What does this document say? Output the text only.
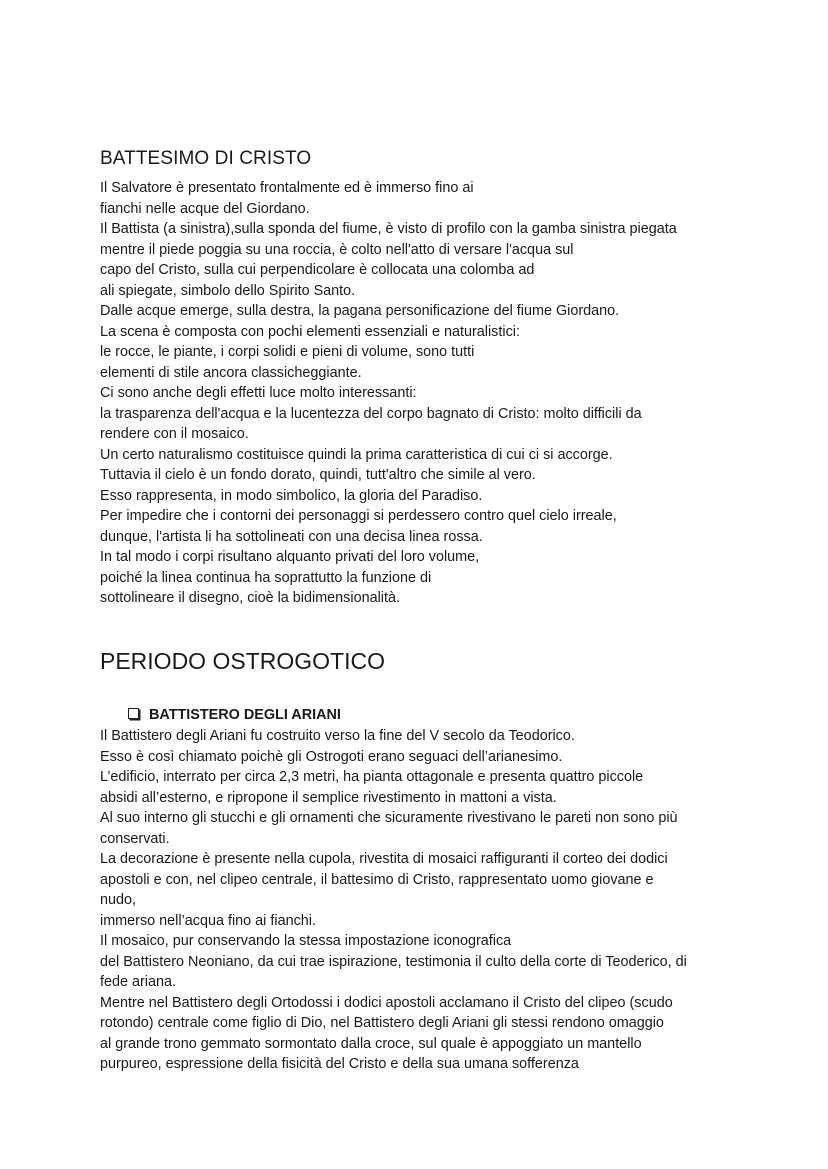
BATTESIMO DI CRISTO
Il Salvatore è presentato frontalmente ed è immerso fino ai
fianchi nelle acque del Giordano.
Il Battista (a sinistra),sulla sponda del fiume, è visto di profilo con la gamba sinistra piegata
mentre il piede poggia su una roccia, è colto nell'atto di versare l'acqua sul
capo del Cristo, sulla cui perpendicolare è collocata una colomba ad
ali spiegate, simbolo dello Spirito Santo.
Dalle acque emerge, sulla destra, la pagana personificazione del fiume Giordano.
La scena è composta con pochi elementi essenziali e naturalistici:
le rocce, le piante, i corpi solidi e pieni di volume, sono tutti
elementi di stile ancora classicheggiante.
Ci sono anche degli effetti luce molto interessanti:
la trasparenza dell'acqua e la lucentezza del corpo bagnato di Cristo: molto difficili da
rendere con il mosaico.
Un certo naturalismo costituisce quindi la prima caratteristica di cui ci si accorge.
Tuttavia il cielo è un fondo dorato, quindi, tutt'altro che simile al vero.
Esso rappresenta, in modo simbolico, la gloria del Paradiso.
Per impedire che i contorni dei personaggi si perdessero contro quel cielo irreale,
dunque, l'artista li ha sottolineati con una decisa linea rossa.
In tal modo i corpi risultano alquanto privati del loro volume,
poiché la linea continua ha soprattutto la funzione di
sottolineare il disegno, cioè la bidimensionalità.
PERIODO OSTROGOTICO
BATTISTERO DEGLI ARIANI
Il Battistero degli Ariani fu costruito verso la fine del V secolo da Teodorico.
Esso è così chiamato poichè gli Ostrogoti erano seguaci dell’arianesimo.
L’edificio, interrato per circa 2,3 metri, ha pianta ottagonale e presenta quattro piccole
absidi all’esterno, e ripropone il semplice rivestimento in mattoni a vista.
Al suo interno gli stucchi e gli ornamenti che sicuramente rivestivano le pareti non sono più
conservati.
La decorazione è presente nella cupola, rivestita di mosaici raffiguranti il corteo dei dodici
apostoli e con, nel clipeo centrale, il battesimo di Cristo, rappresentato uomo giovane e
nudo,
immerso nell’acqua fino ai fianchi.
Il mosaico, pur conservando la stessa impostazione iconografica
del Battistero Neoniano, da cui trae ispirazione, testimonia il culto della corte di Teoderico, di
fede ariana.
Mentre nel Battistero degli Ortodossi i dodici apostoli acclamano il Cristo del clipeo (scudo
rotondo) centrale come figlio di Dio, nel Battistero degli Ariani gli stessi rendono omaggio
al grande trono gemmato sormontato dalla croce, sul quale è appoggiato un mantello
purpureo, espressione della fisicità del Cristo e della sua umana sofferenza
